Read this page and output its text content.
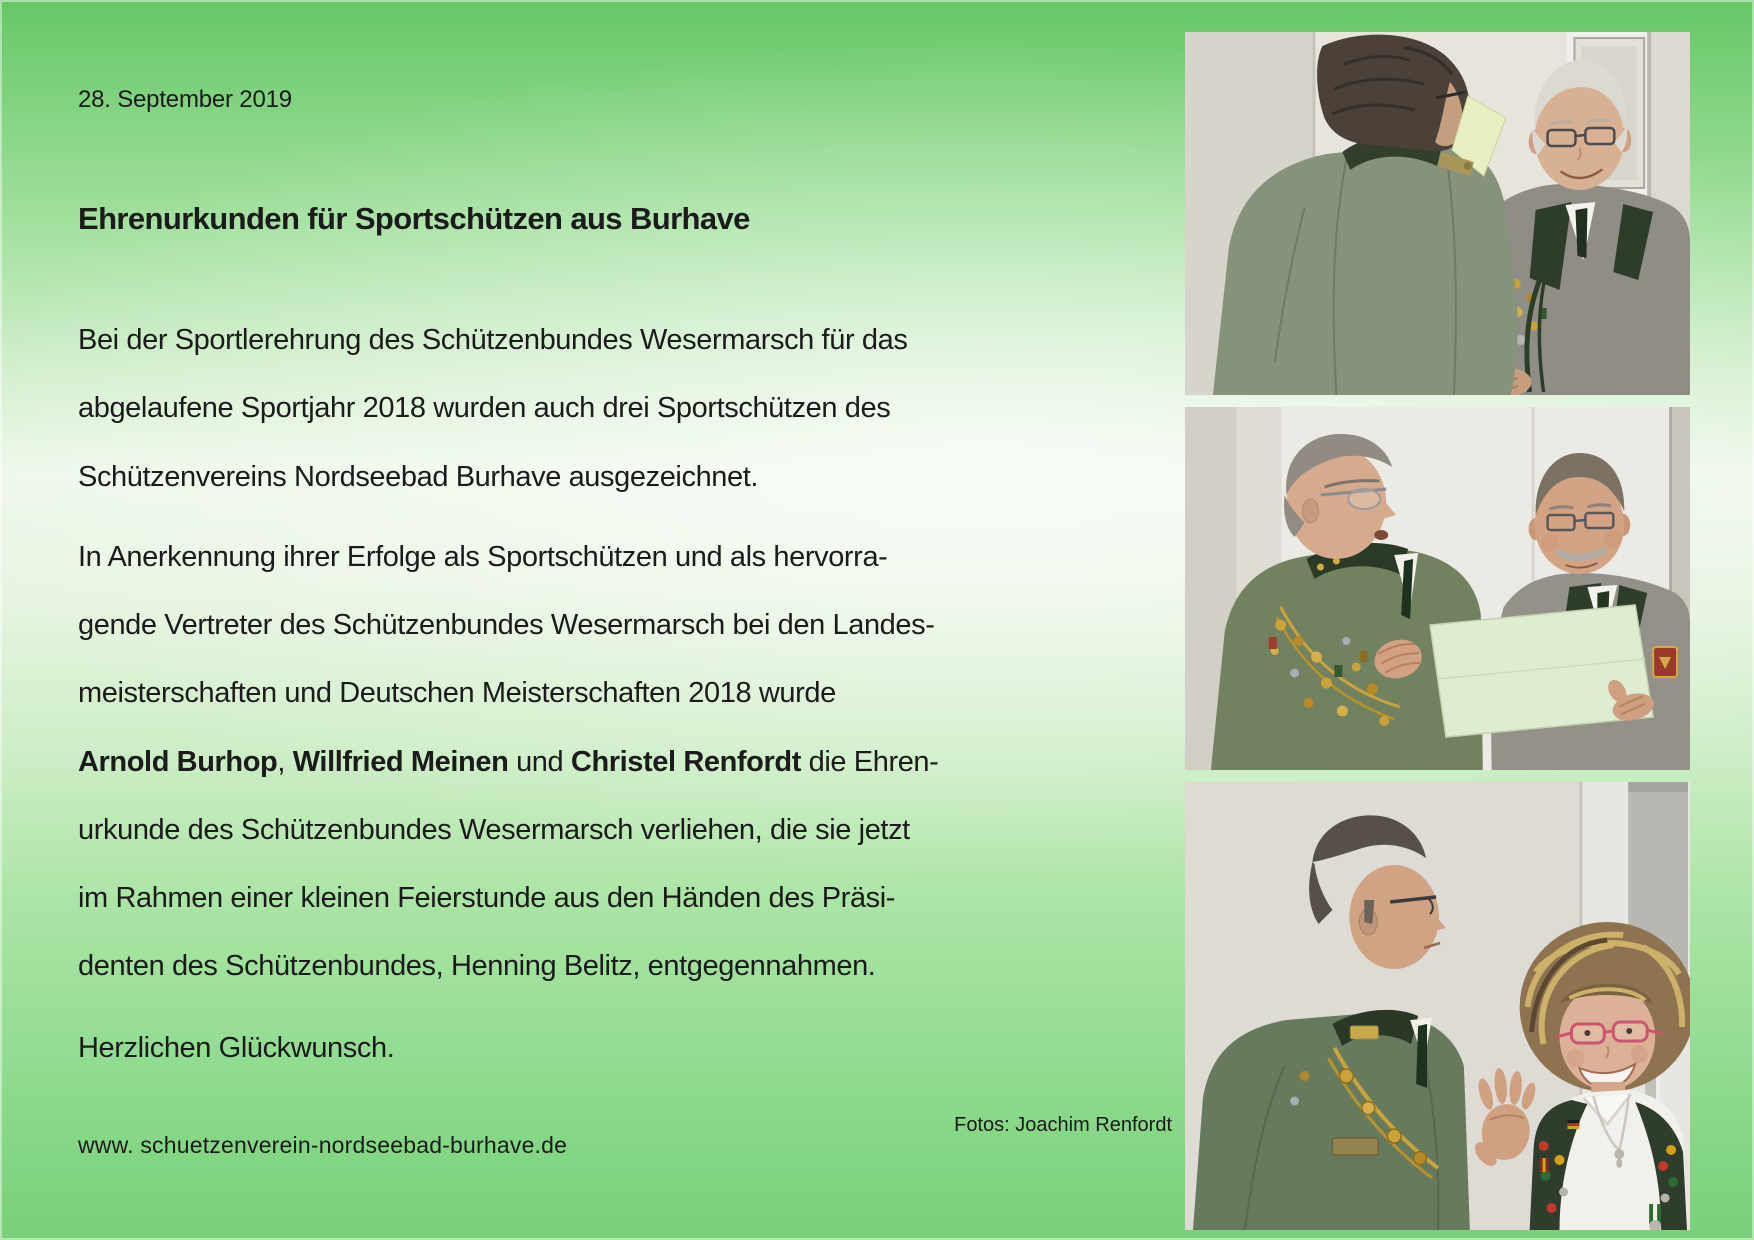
28. September 2019
Ehrenurkunden für Sportschützen aus Burhave
Bei der Sportlerehrung des Schützenbundes Wesermarsch für das
abgelaufene Sportjahr 2018 wurden auch drei Sportschützen des
Schützenvereins Nordseebad Burhave ausgezeichnet.
In Anerkennung ihrer Erfolge als Sportschützen und als hervorra-
gende Vertreter des Schützenbundes Wesermarsch bei den Landes-
meisterschaften und Deutschen Meisterschaften 2018 wurde
Arnold Burhop, Willfried Meinen und Christel Renfordt die Ehren-
urkunde des Schützenbundes Wesermarsch verliehen, die sie jetzt
im Rahmen einer kleinen Feierstunde aus den Händen des Präsi-
denten des Schützenbundes, Henning Belitz, entgegennahmen.
Herzlichen Glückwunsch.
www. schuetzenverein-nordseebad-burhave.de
Fotos: Joachim Renfordt
